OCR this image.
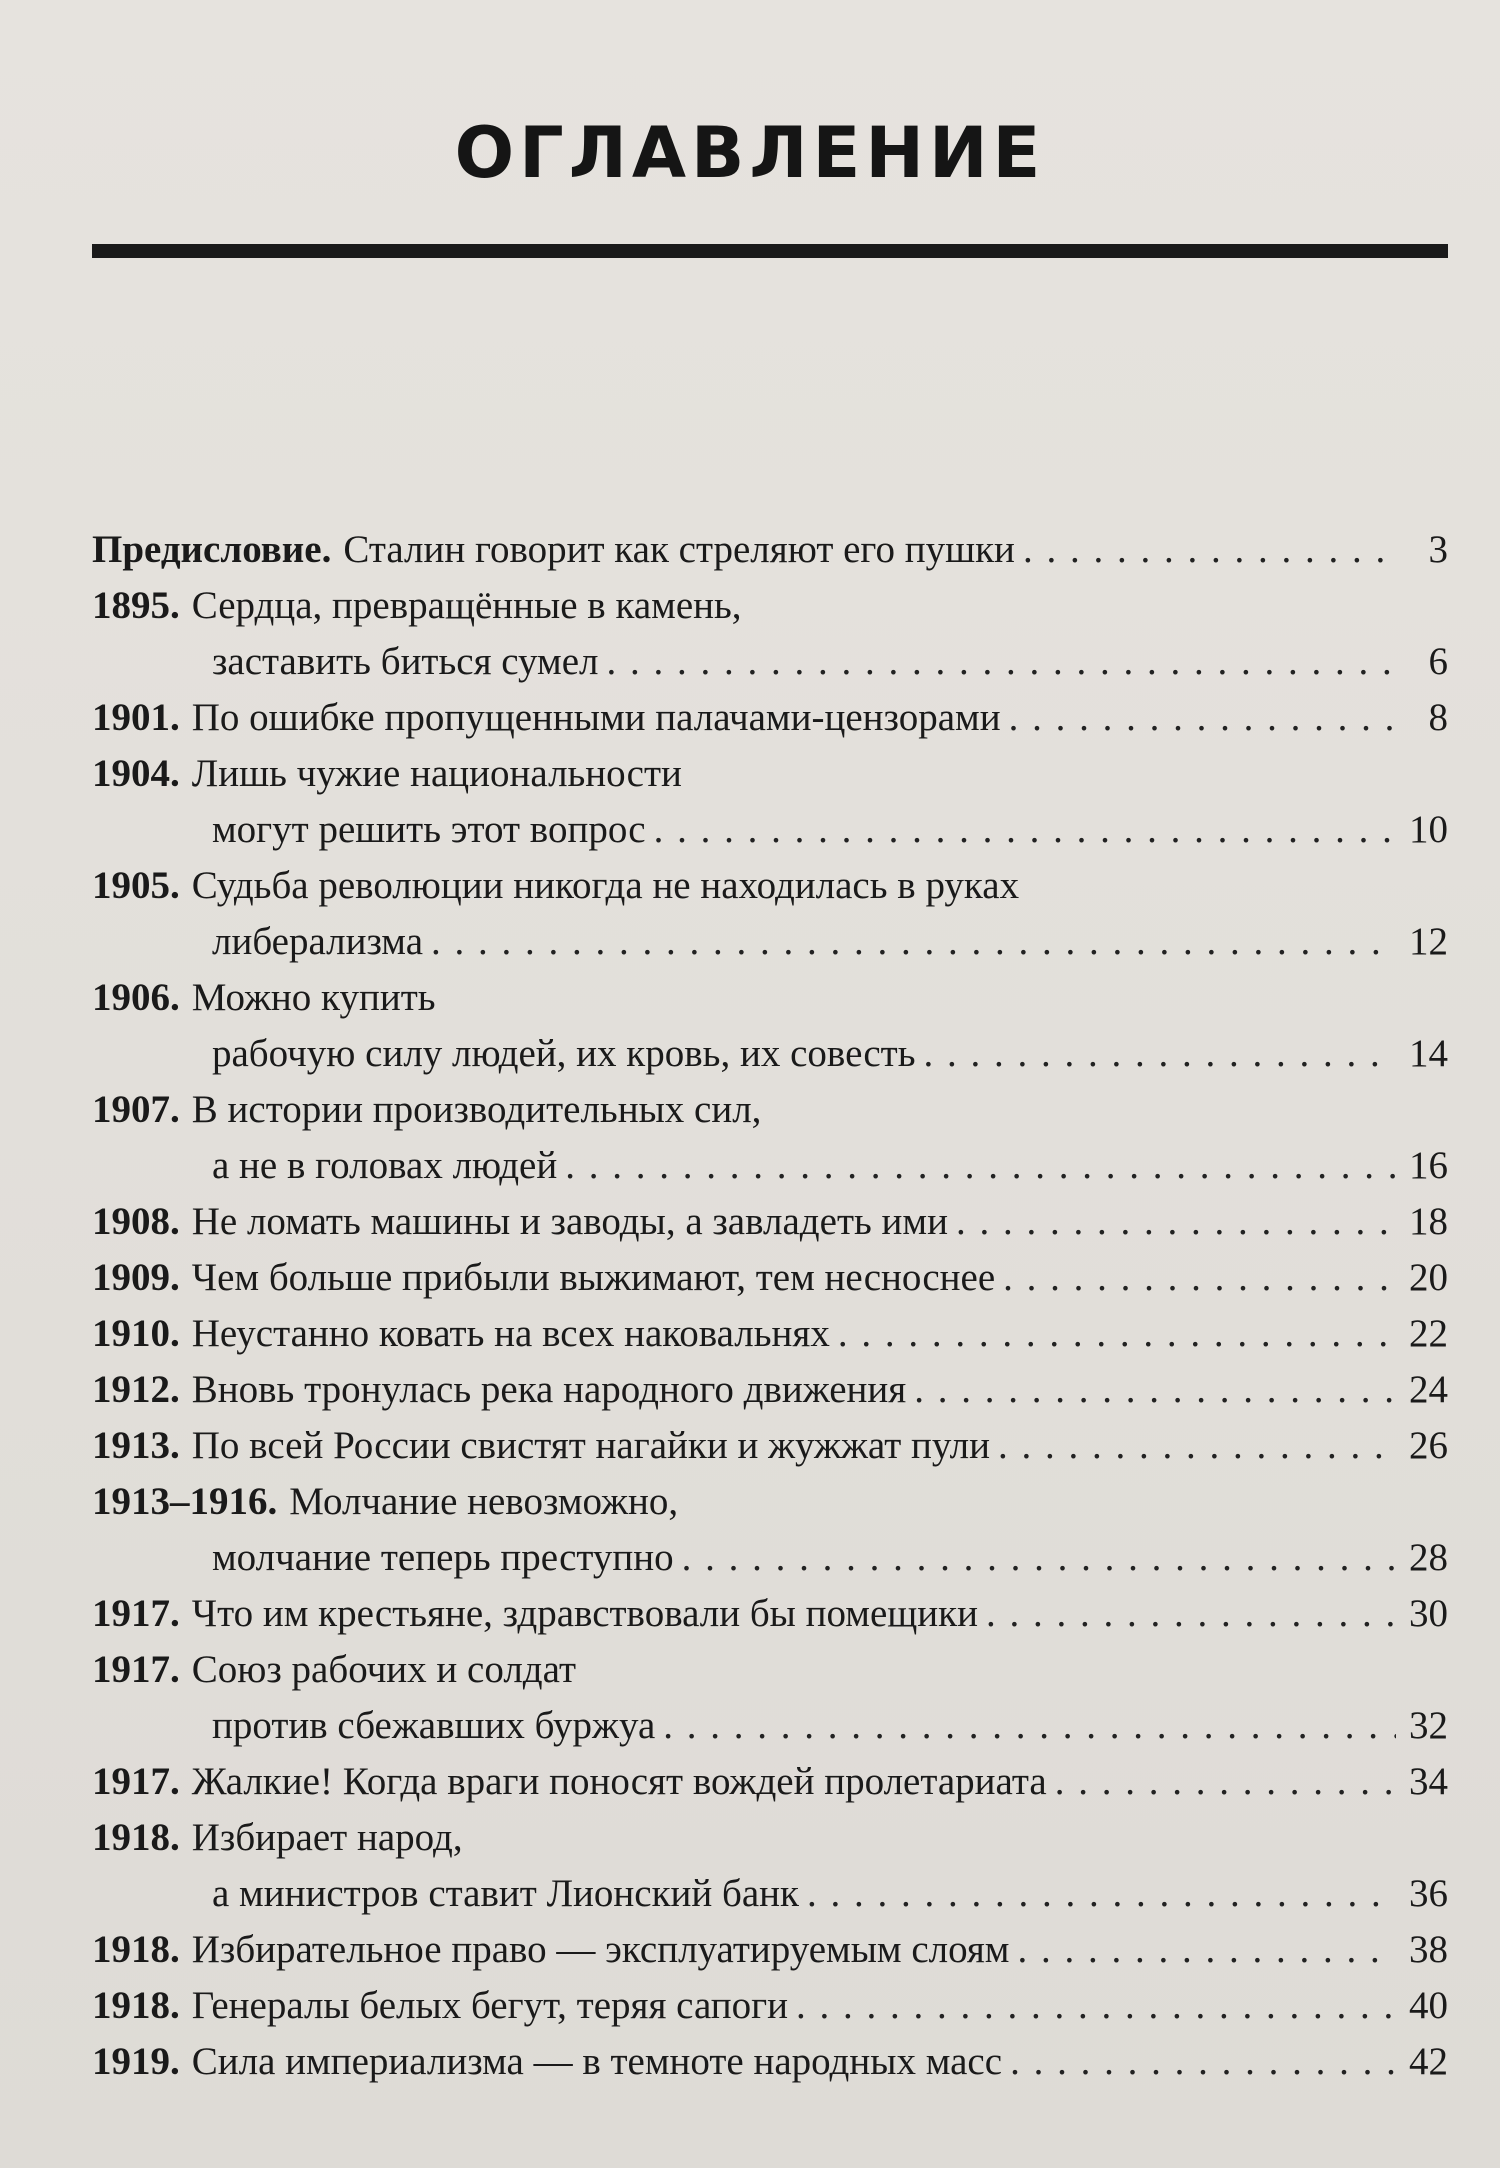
ОГЛАВЛЕНИЕ
Предисловие. Сталин говорит как стреляют его пушки . . .	3
1895. Сердца, превращённые в камень,
заставить биться сумел . . .	6
1901. По ошибке пропущенными палачами-цензорами . . .	8
1904. Лишь чужие национальности
могут решить этот вопрос . . .	10
1905. Судьба революции никогда не находилась в руках
либерализма . . .	12
1906. Можно купить
рабочую силу людей, их кровь, их совесть . . .	14
1907. В истории производительных сил,
а не в головах людей . . .	16
1908. Не ломать машины и заводы, а завладеть ими . . .	18
1909. Чем больше прибыли выжимают, тем несноснее . . .	20
1910. Неустанно ковать на всех наковальнях . . .	22
1912. Вновь тронулась река народного движения . . .	24
1913. По всей России свистят нагайки и жужжат пули . . .	26
1913–1916. Молчание невозможно,
молчание теперь преступно . . .	28
1917. Что им крестьяне, здравствовали бы помещики . . .	30
1917. Союз рабочих и солдат
против сбежавших буржуа . . .	32
1917. Жалкие! Когда враги поносят вождей пролетариата . . .	34
1918. Избирает народ,
а министров ставит Лионский банк . . .	36
1918. Избирательное право — эксплуатируемым слоям . . .	38
1918. Генералы белых бегут, теряя сапоги . . .	40
1919. Сила империализма — в темноте народных масс . . .	42
